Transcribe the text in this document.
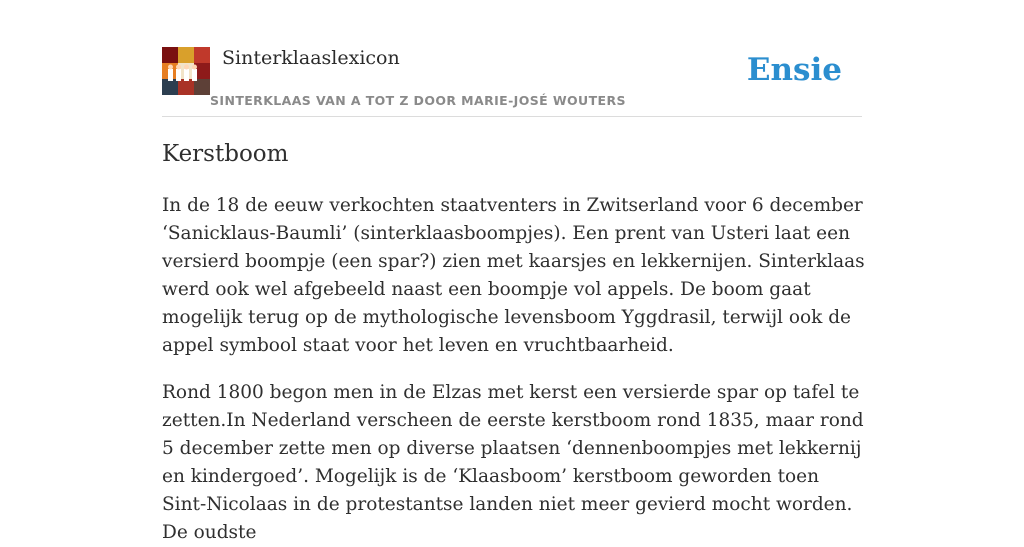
Sinterklaaslexicon
SINTERKLAAS VAN A TOT Z DOOR MARIE-JOSÉ WOUTERS
Ensie
Kerstboom

In de 18 de eeuw verkochten staatventers in Zwitserland voor 6 december ‘Sanicklaus-Baumli’ (sinterklaasboompjes). Een prent van Usteri laat een versierd boompje (een spar?) zien met kaarsjes en lekkernijen. Sinterklaas werd ook wel afgebeeld naast een boompje vol appels. De boom gaat mogelijk terug op de mythologische levensboom Yggdrasil, terwijl ook de appel symbool staat voor het leven en vruchtbaarheid.

Rond 1800 begon men in de Elzas met kerst een versierde spar op tafel te zetten.In Nederland verscheen de eerste kerstboom rond 1835, maar rond 5 december zette men op diverse plaatsen ‘dennenboompjes met lekkernij en kindergoed’. Mogelijk is de ‘Klaasboom’ kerstboom geworden toen Sint-Nicolaas in de protestantse landen niet meer gevierd mocht worden. De oudste
